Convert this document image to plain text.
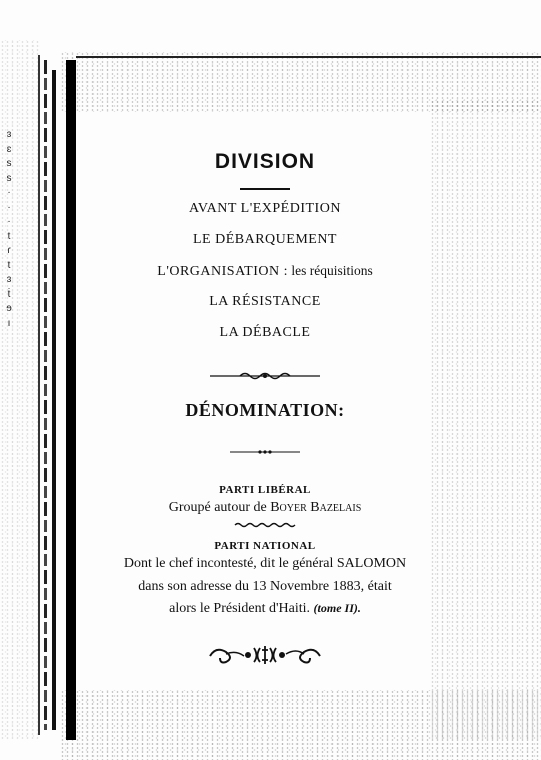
ɜ
ɛ
s
s
·
·
·
t
ɾ
t
ɜ
ṫ
ɘ
ı
DIVISION
AVANT L'EXPÉDITION
LE DÉBARQUEMENT
L'ORGANISATION : les réquisitions
LA RÉSISTANCE
LA DÉBACLE
DÉNOMINATION:
PARTI LIBÉRAL
Groupé autour de Boyer Bazelais
PARTI NATIONAL
Dont le chef incontesté, dit le général SALOMON
dans son adresse du 13 Novembre 1883, était
alors le Président d'Haiti. (tome II).
